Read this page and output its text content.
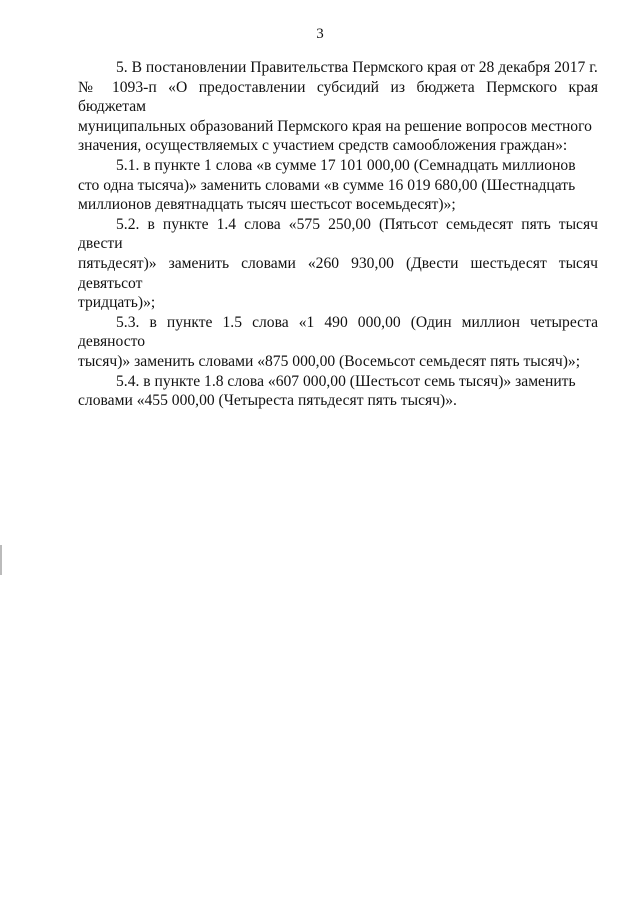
3

5. В постановлении Правительства Пермского края от 28 декабря 2017 г.
№ 1093-п «О предоставлении субсидий из бюджета Пермского края бюджетам
муниципальных образований Пермского края на решение вопросов местного
значения, осуществляемых с участием средств самообложения граждан»:

5.1. в пункте 1 слова «в сумме 17 101 000,00 (Семнадцать миллионов
сто одна тысяча)» заменить словами «в сумме 16 019 680,00 (Шестнадцать
миллионов девятнадцать тысяч шестьсот восемьдесят)»;

5.2. в пункте 1.4 слова «575 250,00 (Пятьсот семьдесят пять тысяч двести
пятьдесят)» заменить словами «260 930,00 (Двести шестьдесят тысяч девятьсот
тридцать)»;

5.3. в пункте 1.5 слова «1 490 000,00 (Один миллион четыреста девяносто
тысяч)» заменить словами «875 000,00 (Восемьсот семьдесят пять тысяч)»;

5.4. в пункте 1.8 слова «607 000,00 (Шестьсот семь тысяч)» заменить
словами «455 000,00 (Четыреста пятьдесят пять тысяч)».
